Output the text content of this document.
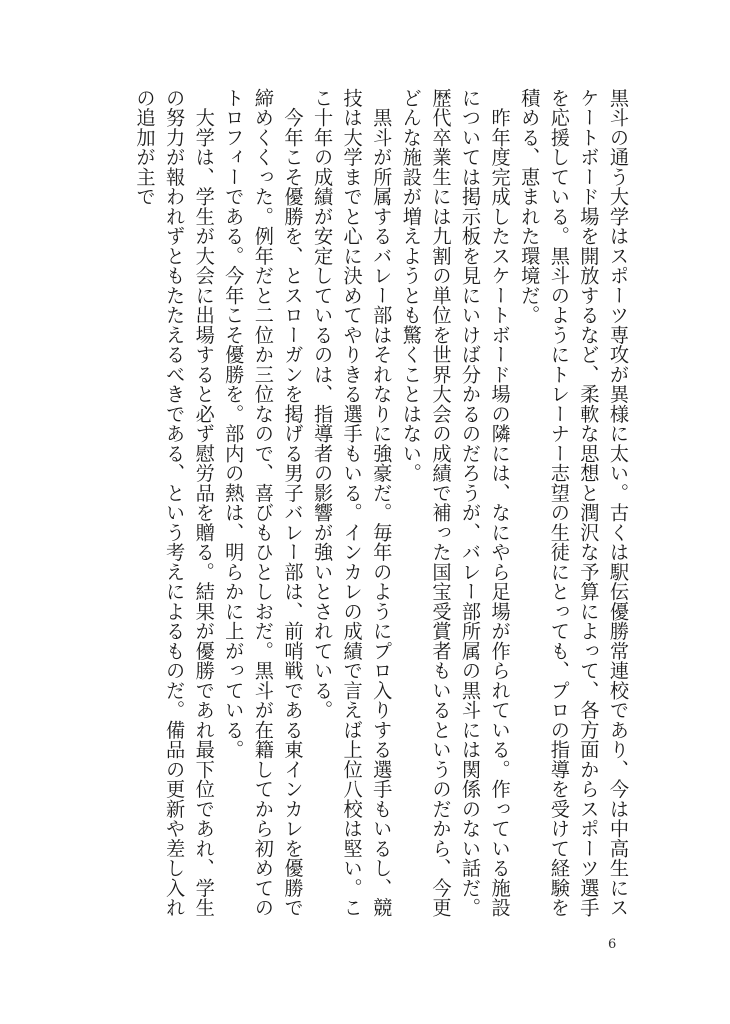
黒斗の通う大学はスポーツ専攻が異様に太い。古くは駅伝優勝常連校であり、今は中高生にスケートボード場を開放するなど、柔軟な思想と潤沢な予算によって、各方面からスポーツ選手を応援している。黒斗のようにトレーナー志望の生徒にとっても、プロの指導を受けて経験を積める、恵まれた環境だ。

　昨年度完成したスケートボード場の隣には、なにやら足場が作られている。作っている施設については掲示板を見にいけば分かるのだろうが、バレー部所属の黒斗には関係のない話だ。歴代卒業生には九割の単位を世界大会の成績で補った国宝受賞者もいるというのだから、今更どんな施設が増えようとも驚くことはない。

　黒斗が所属するバレー部はそれなりに強豪だ。毎年のようにプロ入りする選手もいるし、競技は大学までと心に決めてやりきる選手もいる。インカレの成績で言えば上位八校は堅い。ここ十年の成績が安定しているのは、指導者の影響が強いとされている。

　今年こそ優勝を、とスローガンを掲げる男子バレー部は、前哨戦である東インカレを優勝で締めくくった。例年だと二位か三位なので、喜びもひとしおだ。黒斗が在籍してから初めてのトロフィーである。今年こそ優勝を。部内の熱は、明らかに上がっている。

　大学は、学生が大会に出場すると必ず慰労品を贈る。結果が優勝であれ最下位であれ、学生の努力が報われずともたたえるべきである、という考えによるものだ。備品の更新や差し入れの追加が主で

6
